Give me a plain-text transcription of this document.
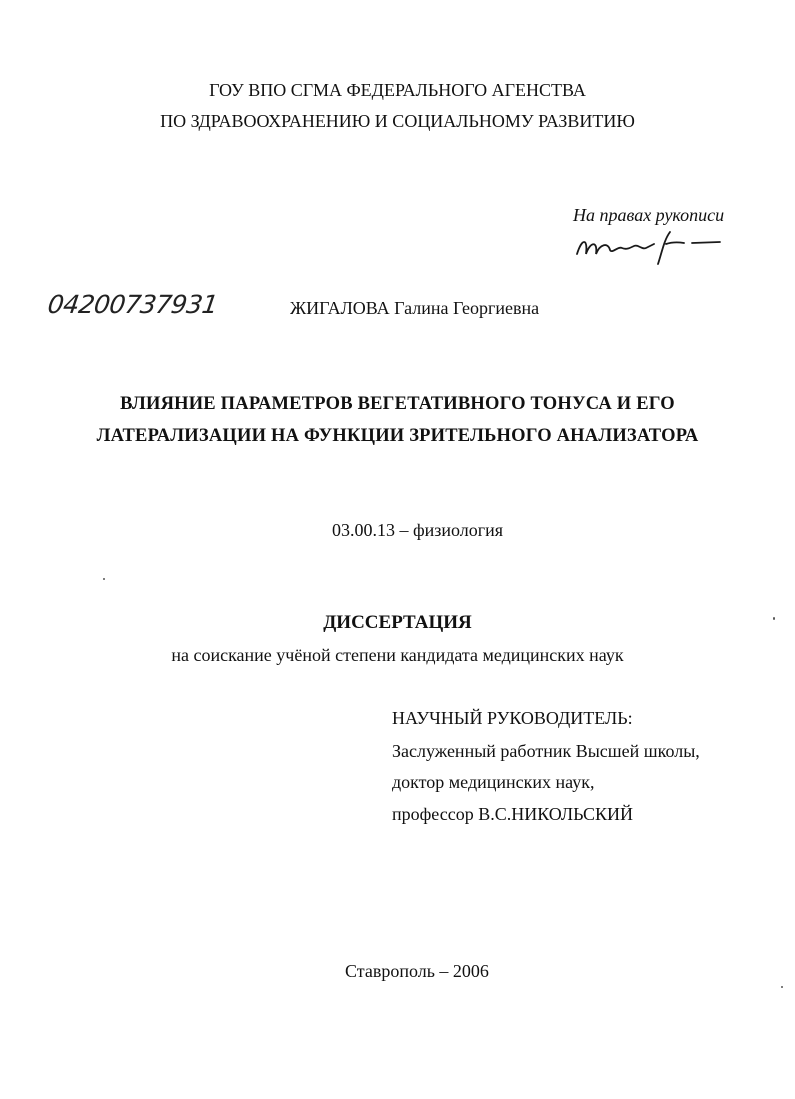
ГОУ ВПО СГМА ФЕДЕРАЛЬНОГО АГЕНСТВА
ПО ЗДРАВООХРАНЕНИЮ И СОЦИАЛЬНОМУ РАЗВИТИЮ
На правах рукописи
04200737931	ЖИГАЛОВА Галина Георгиевна
ВЛИЯНИЕ ПАРАМЕТРОВ ВЕГЕТАТИВНОГО ТОНУСА И ЕГО
ЛАТЕРАЛИЗАЦИИ НА ФУНКЦИИ ЗРИТЕЛЬНОГО АНАЛИЗАТОРА
03.00.13 – физиология
ДИССЕРТАЦИЯ
на соискание учёной степени кандидата медицинских наук
НАУЧНЫЙ РУКОВОДИТЕЛЬ:
Заслуженный работник Высшей школы,
доктор медицинских наук,
профессор В.С.НИКОЛЬСКИЙ
Ставрополь – 2006
